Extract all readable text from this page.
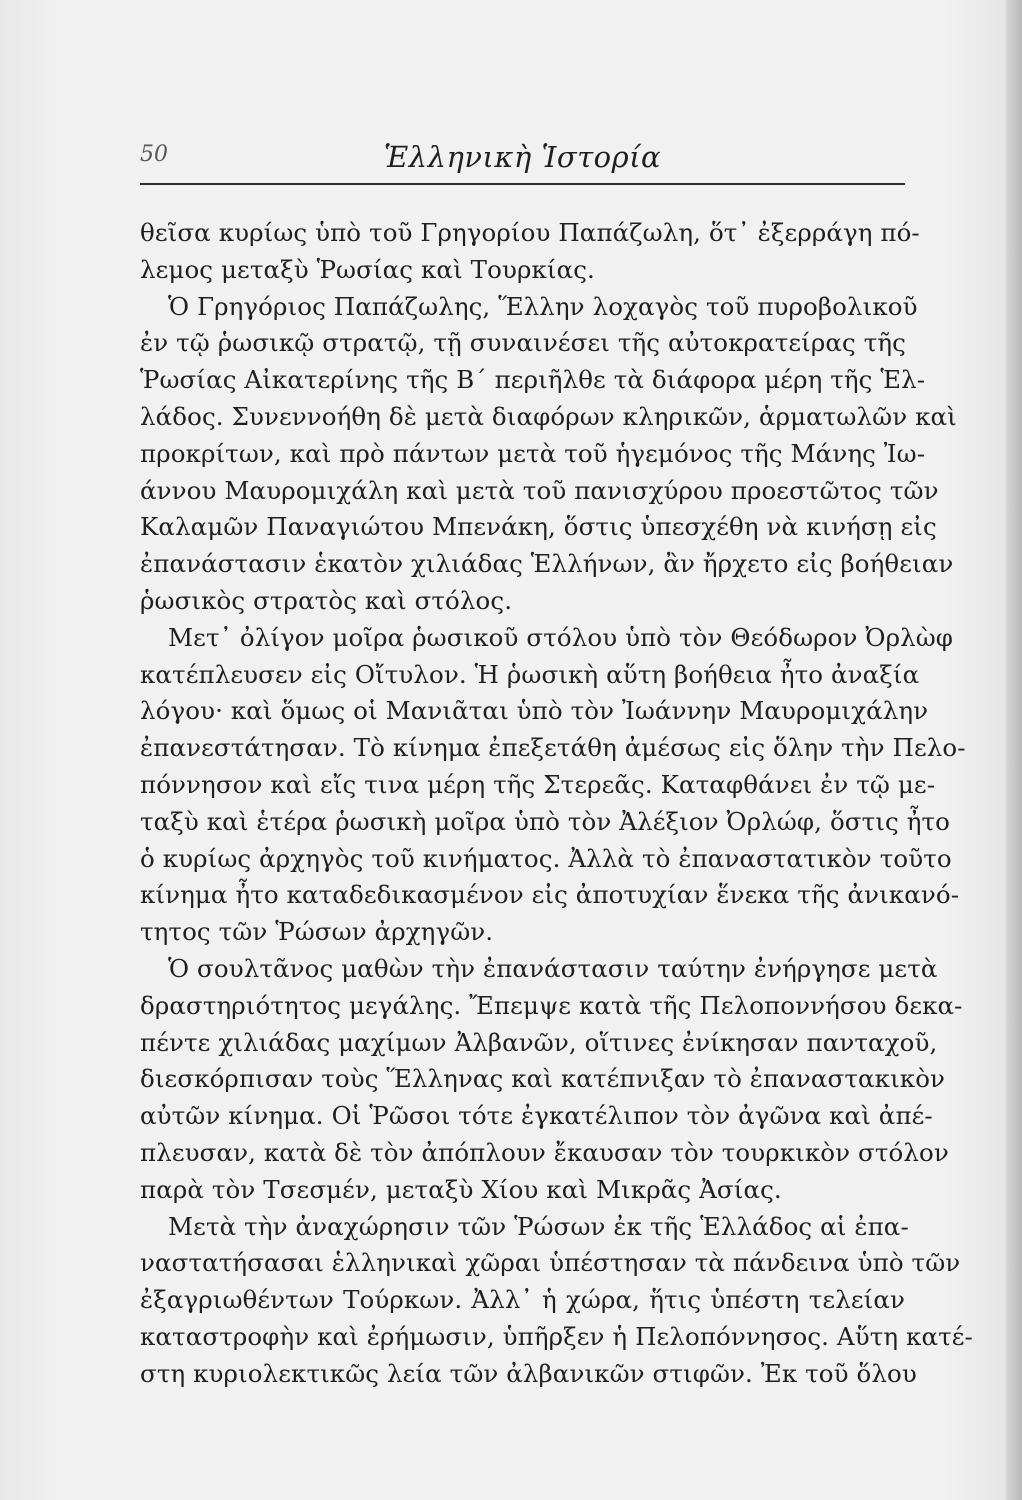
50	Ἑλληνικὴ Ἱστορία
θεῖσα κυρίως ὑπὸ τοῦ Γρηγορίου Παπάζωλη, ὅτ᾽ ἐξερράγη πό-
λεμος μεταξὺ Ῥωσίας καὶ Τουρκίας.
Ὁ Γρηγόριος Παπάζωλης, Ἕλλην λοχαγὸς τοῦ πυροβολικοῦ
ἐν τῷ ῥωσικῷ στρατῷ, τῇ συναινέσει τῆς αὐτοκρατείρας τῆς
Ῥωσίας Αἰκατερίνης τῆς Β΄ περιῆλθε τὰ διάφορα μέρη τῆς Ἑλ-
λάδος. Συνεννοήθη δὲ μετὰ διαφόρων κληρικῶν, ἁρματωλῶν καὶ
προκρίτων, καὶ πρὸ πάντων μετὰ τοῦ ἡγεμόνος τῆς Μάνης Ἰω-
άννου Μαυρομιχάλη καὶ μετὰ τοῦ πανισχύρου προεστῶτος τῶν
Καλαμῶν Παναγιώτου Μπενάκη, ὅστις ὑπεσχέθη νὰ κινήσῃ εἰς
ἐπανάστασιν ἑκατὸν χιλιάδας Ἑλλήνων, ἂν ἤρχετο εἰς βοήθειαν
ῥωσικὸς στρατὸς καὶ στόλος.
Μετ᾽ ὀλίγον μοῖρα ῥωσικοῦ στόλου ὑπὸ τὸν Θεόδωρον Ὀρλὼφ
κατέπλευσεν εἰς Οἴτυλον. Ἡ ῥωσικὴ αὕτη βοήθεια ἦτο ἀναξία
λόγου· καὶ ὅμως οἱ Μανιᾶται ὑπὸ τὸν Ἰωάννην Μαυρομιχάλην
ἐπανεστάτησαν. Τὸ κίνημα ἐπεξετάθη ἀμέσως εἰς ὅλην τὴν Πελο-
πόννησον καὶ εἴς τινα μέρη τῆς Στερεᾶς. Καταφθάνει ἐν τῷ με-
ταξὺ καὶ ἑτέρα ῥωσικὴ μοῖρα ὑπὸ τὸν Ἀλέξιον Ὀρλώφ, ὅστις ἦτο
ὁ κυρίως ἀρχηγὸς τοῦ κινήματος. Ἀλλὰ τὸ ἐπαναστατικὸν τοῦτο
κίνημα ἦτο καταδεδικασμένον εἰς ἀποτυχίαν ἕνεκα τῆς ἀνικανό-
τητος τῶν Ῥώσων ἀρχηγῶν.
Ὁ σουλτᾶνος μαθὼν τὴν ἐπανάστασιν ταύτην ἐνήργησε μετὰ
δραστηριότητος μεγάλης. Ἔπεμψε κατὰ τῆς Πελοποννήσου δεκα-
πέντε χιλιάδας μαχίμων Ἀλβανῶν, οἵτινες ἐνίκησαν πανταχοῦ,
διεσκόρπισαν τοὺς Ἕλληνας καὶ κατέπνιξαν τὸ ἐπαναστακικὸν
αὐτῶν κίνημα. Οἱ Ῥῶσοι τότε ἐγκατέλιπον τὸν ἀγῶνα καὶ ἀπέ-
πλευσαν, κατὰ δὲ τὸν ἀπόπλουν ἔκαυσαν τὸν τουρκικὸν στόλον
παρὰ τὸν Τσεσμέν, μεταξὺ Χίου καὶ Μικρᾶς Ἀσίας.
Μετὰ τὴν ἀναχώρησιν τῶν Ῥώσων ἐκ τῆς Ἑλλάδος αἱ ἐπα-
ναστατήσασαι ἑλληνικαὶ χῶραι ὑπέστησαν τὰ πάνδεινα ὑπὸ τῶν
ἐξαγριωθέντων Τούρκων. Ἀλλ᾽ ἡ χώρα, ἥτις ὑπέστη τελείαν
καταστροφὴν καὶ ἐρήμωσιν, ὑπῆρξεν ἡ Πελοπόννησος. Αὕτη κατέ-
στη κυριολεκτικῶς λεία τῶν ἀλβανικῶν στιφῶν. Ἐκ τοῦ ὅλου
